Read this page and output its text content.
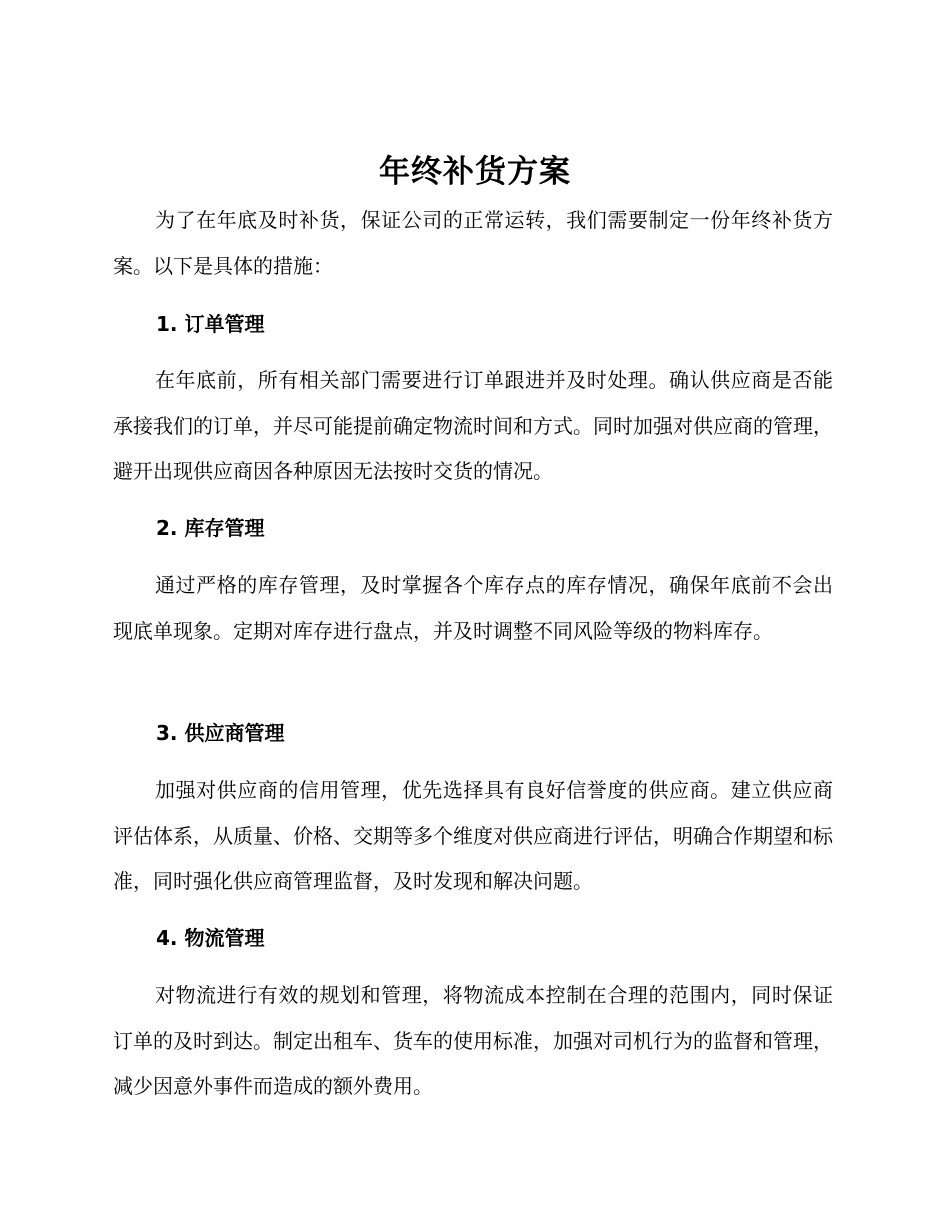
年终补货方案

为了在年底及时补货，保证公司的正常运转，我们需要制定一份年终补货方案。以下是具体的措施：

1. 订单管理

在年底前，所有相关部门需要进行订单跟进并及时处理。确认供应商是否能承接我们的订单，并尽可能提前确定物流时间和方式。同时加强对供应商的管理，避开出现供应商因各种原因无法按时交货的情况。

2. 库存管理

通过严格的库存管理，及时掌握各个库存点的库存情况，确保年底前不会出现底单现象。定期对库存进行盘点，并及时调整不同风险等级的物料库存。

3. 供应商管理

加强对供应商的信用管理，优先选择具有良好信誉度的供应商。建立供应商评估体系，从质量、价格、交期等多个维度对供应商进行评估，明确合作期望和标准，同时强化供应商管理监督，及时发现和解决问题。

4. 物流管理

对物流进行有效的规划和管理，将物流成本控制在合理的范围内，同时保证订单的及时到达。制定出租车、货车的使用标准，加强对司机行为的监督和管理，减少因意外事件而造成的额外费用。
